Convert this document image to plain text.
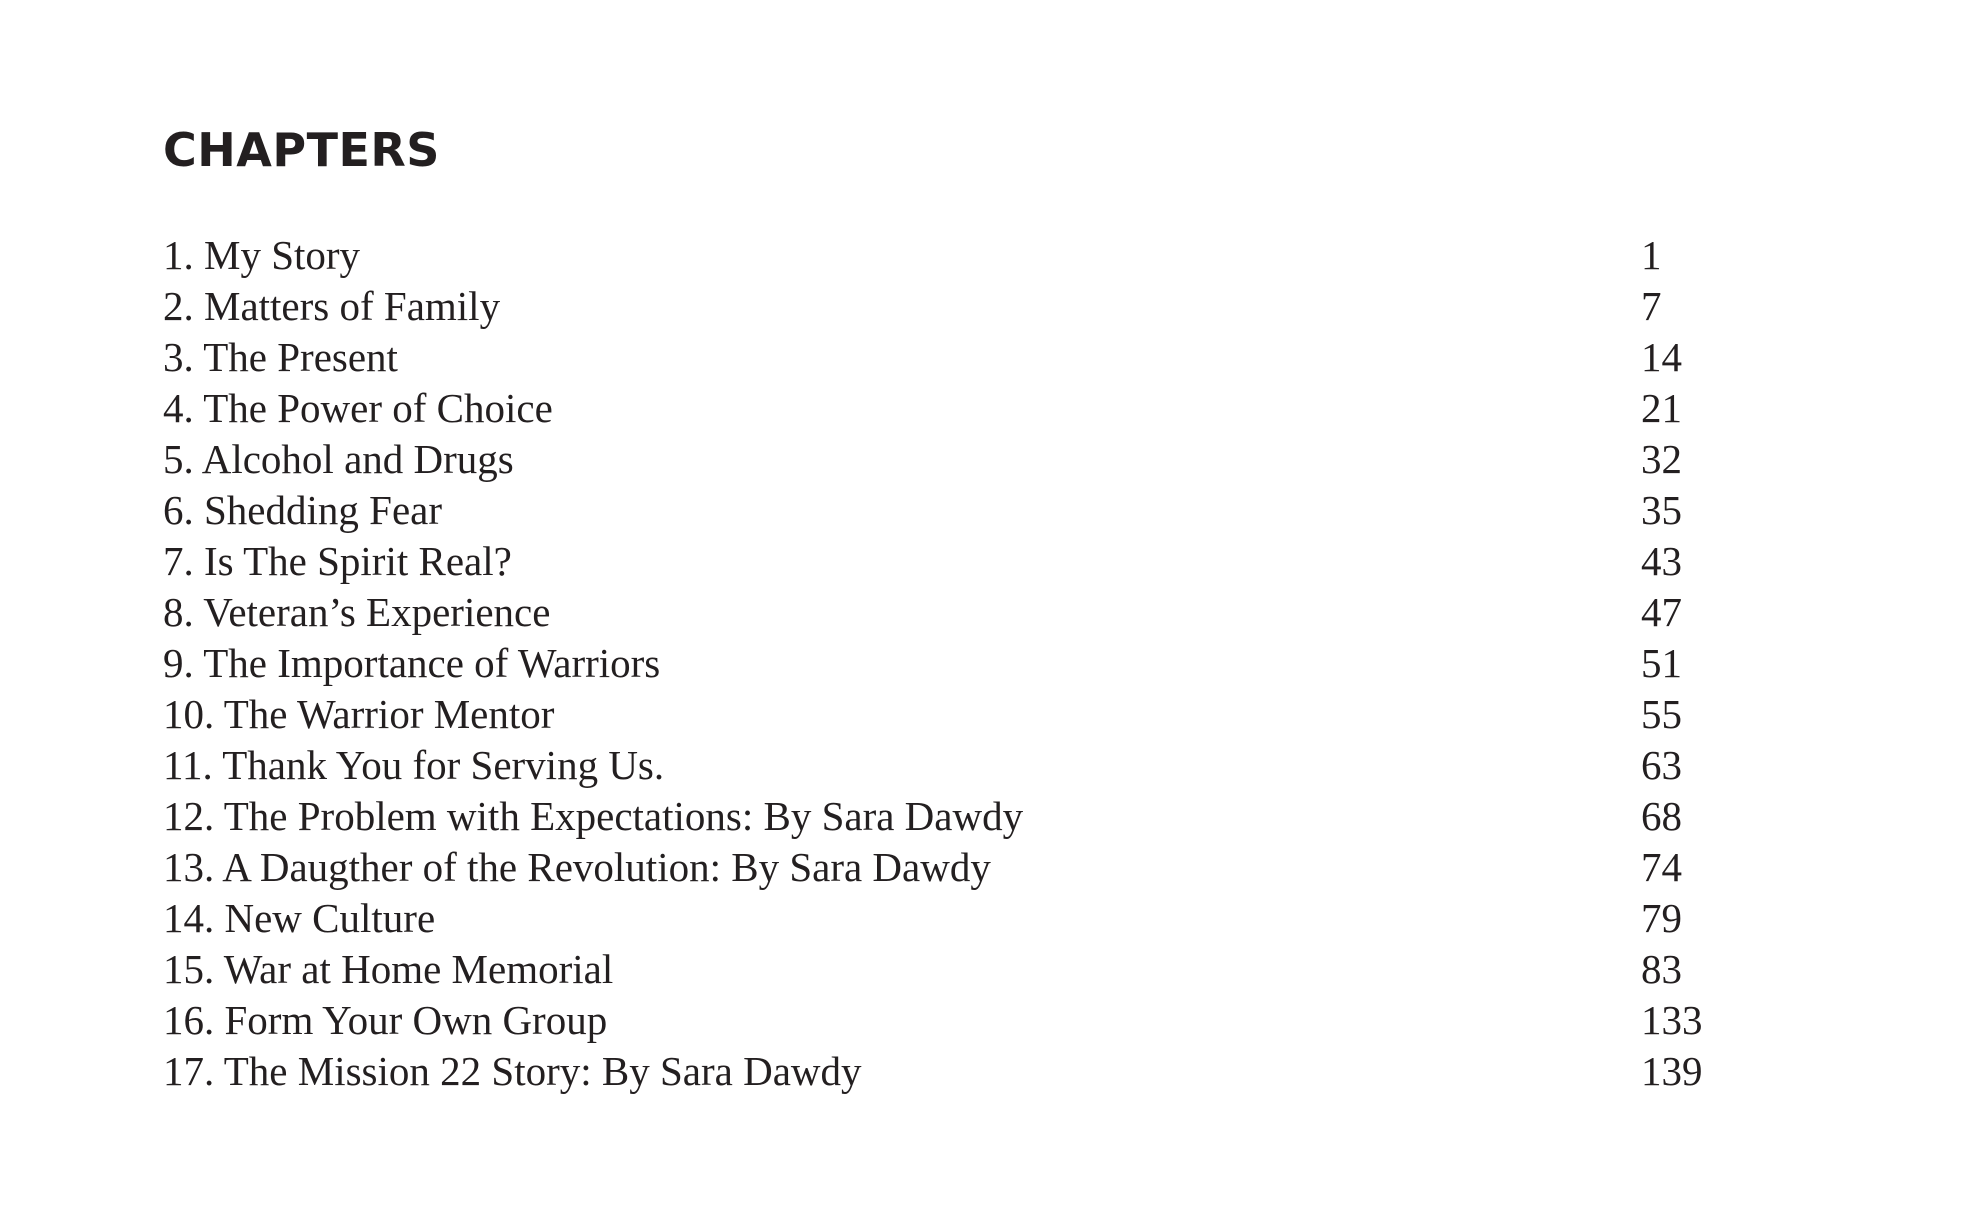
CHAPTERS
1. My Story	1
2. Matters of Family	7
3. The Present	14
4. The Power of Choice	21
5. Alcohol and Drugs	32
6. Shedding Fear	35
7. Is The Spirit Real?	43
8. Veteran’s Experience	47
9. The Importance of Warriors	51
10. The Warrior Mentor	55
11. Thank You for Serving Us.	63
12. The Problem with Expectations: By Sara Dawdy	68
13. A Daugther of the Revolution: By Sara Dawdy	74
14. New Culture	79
15. War at Home Memorial	83
16. Form Your Own Group	133
17. The Mission 22 Story: By Sara Dawdy	139
